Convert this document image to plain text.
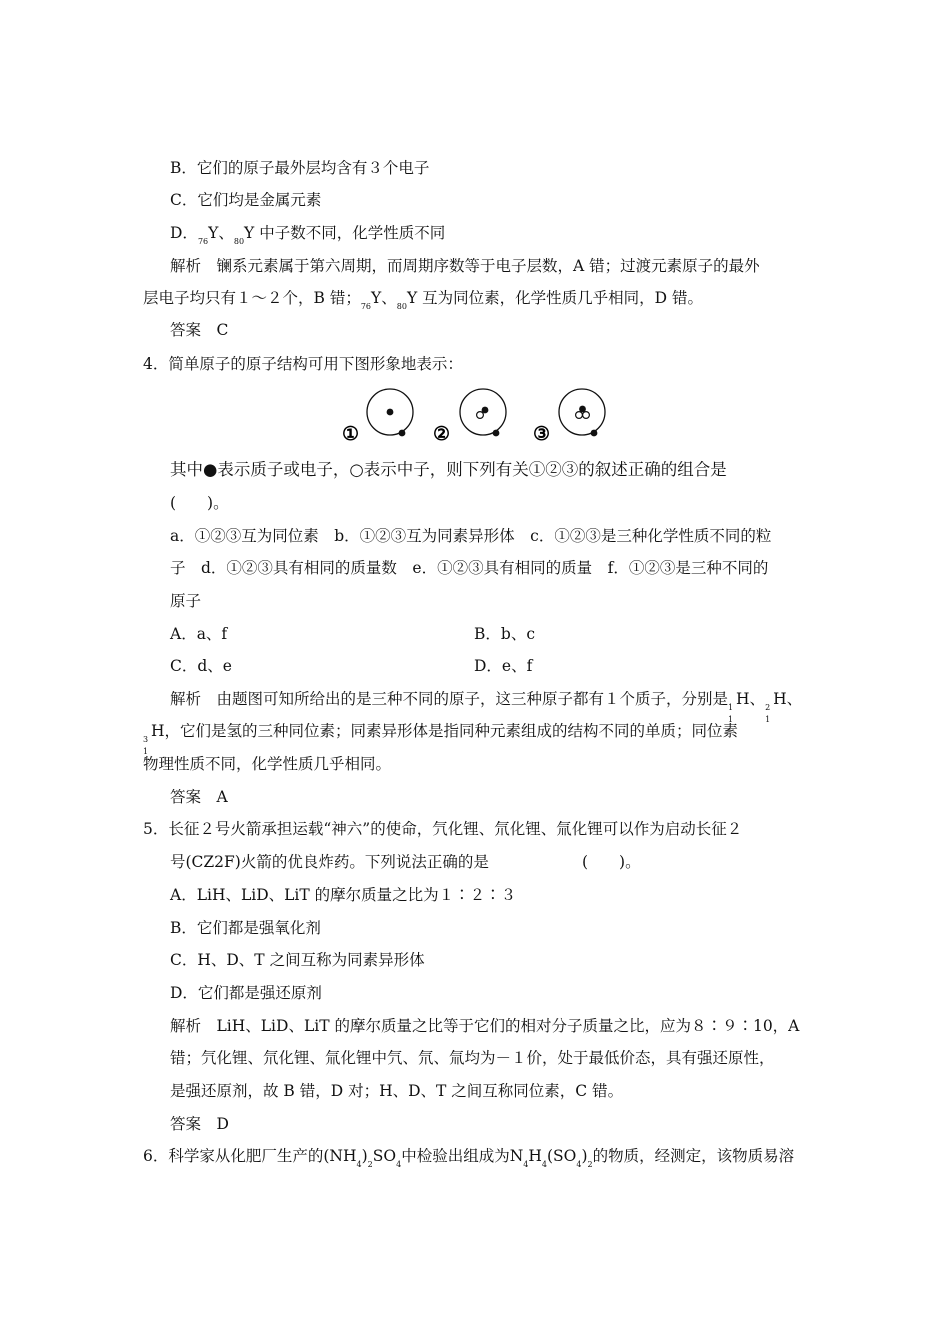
B．它们的原子最外层均含有３个电子
C．它们均是金属元素
D．$_{76}$Y、$_{80}$Y 中子数不同，化学性质不同
解析　镧系元素属于第六周期，而周期序数等于电子层数，A 错；过渡元素原子的最外
层电子均只有１～２个，B 错；$_{76}$Y、$_{80}$Y 互为同位素，化学性质几乎相同，D 错。
答案　C
4．简单原子的原子结构可用下图形象地表示：
①	②	③
其中●表示质子或电子，○表示中子，则下列有关①②③的叙述正确的组合是
(　　)。
a．①②③互为同位素　b．①②③互为同素异形体　c．①②③是三种化学性质不同的粒
子　d．①②③具有相同的质量数　e．①②③具有相同的质量　f．①②③是三种不同的
原子
A．a、f	B．b、c
C．d、e	D．e、f
解析　由题图可知所给出的是三种不同的原子，这三种原子都有１个质子，分别是 1
1
H、 2
1
H、
3
1
H，它们是氢的三种同位素；同素异形体是指同种元素组成的结构不同的单质；同位素
物理性质不同，化学性质几乎相同。
答案　A
5．长征２号火箭承担运载“神六”的使命，氕化锂、氘化锂、氚化锂可以作为启动长征２
号(CZ2F)火箭的优良炸药。下列说法正确的是	(　　)。
A．LiH、LiD、LiT 的摩尔质量之比为１∶２∶３
B．它们都是强氧化剂
C．H、D、T 之间互称为同素异形体
D．它们都是强还原剂
解析　LiH、LiD、LiT 的摩尔质量之比等于它们的相对分子质量之比，应为８∶９∶10，A
错；氕化锂、氘化锂、氚化锂中氕、氘、氚均为－１价，处于最低价态，具有强还原性，
是强还原剂，故 B 错，D 对；H、D、T 之间互称同位素，C 错。
答案　D
6．科学家从化肥厂生产的$(NH_4)_2SO_4$中检验出组成为$N_4H_4(SO_4)_2$的物质，经测定，该物质易溶
